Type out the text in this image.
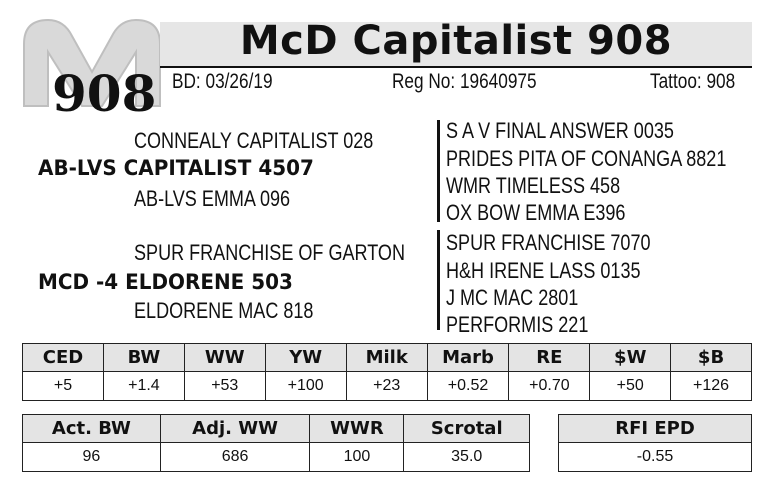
McD Capitalist 908
908 BD: 03/26/19	Reg No: 19640975	Tattoo: 908
CONNEALY CAPITALIST 028
AB-LVS CAPITALIST 4507
AB-LVS EMMA 096
SPUR FRANCHISE OF GARTON
MCD -4 ELDORENE 503
ELDORENE MAC 818
S A V FINAL ANSWER 0035
PRIDES PITA OF CONANGA 8821
WMR TIMELESS 458
OX BOW EMMA E396
SPUR FRANCHISE 7070
H&H IRENE LASS 0135
J MC MAC 2801
PERFORMIS 221
CED	BW	WW	YW	Milk	Marb	RE	$W	$B
+5	+1.4	+53	+100	+23	+0.52	+0.70	+50	+126
Act. BW	Adj. WW	WWR	Scrotal
96	686	100	35.0
RFI EPD
-0.55
